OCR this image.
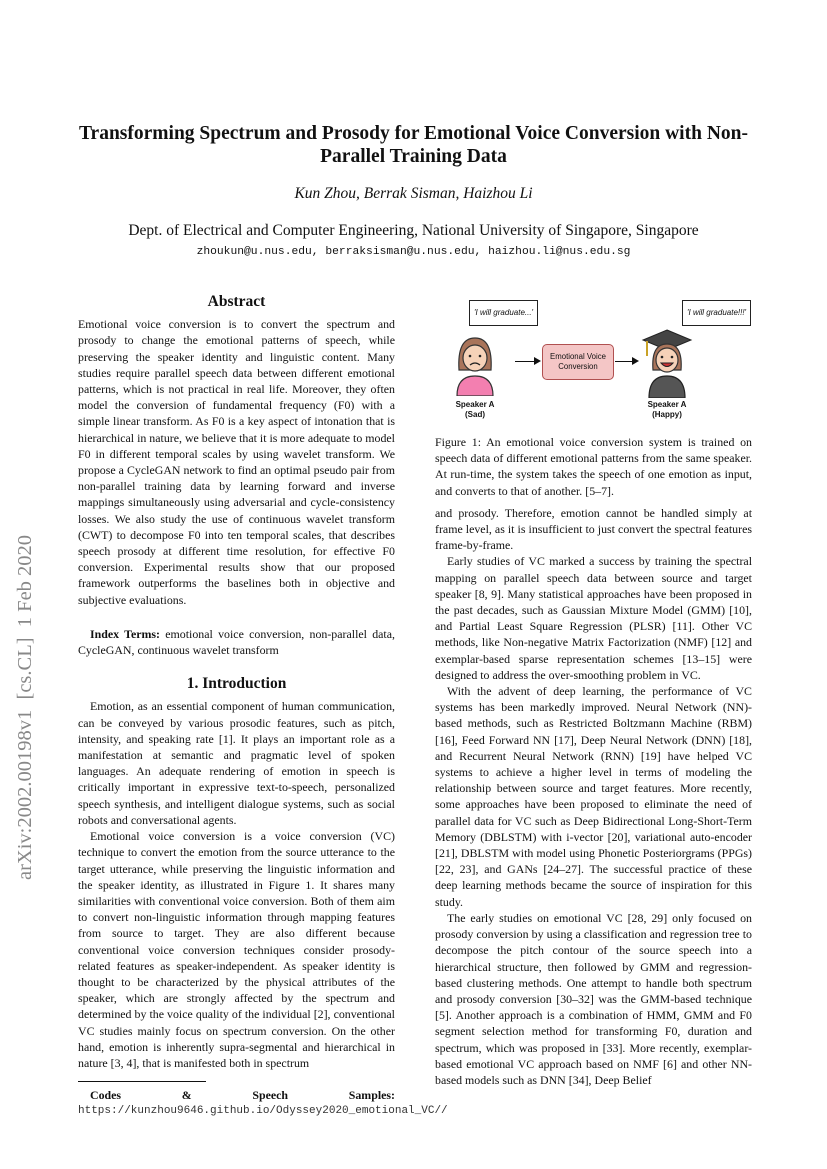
arXiv:2002.00198v1  [cs.CL]  1 Feb 2020
Transforming Spectrum and Prosody for Emotional Voice Conversion with Non-Parallel Training Data
Kun Zhou, Berrak Sisman, Haizhou Li
Dept. of Electrical and Computer Engineering, National University of Singapore, Singapore
zhoukun@u.nus.edu, berraksisman@u.nus.edu, haizhou.li@nus.edu.sg
Abstract

Emotional voice conversion is to convert the spectrum and prosody to change the emotional patterns of speech, while preserving the speaker identity and linguistic content. Many studies require parallel speech data between different emotional patterns, which is not practical in real life. Moreover, they often model the conversion of fundamental frequency (F0) with a simple linear transform. As F0 is a key aspect of intonation that is hierarchical in nature, we believe that it is more adequate to model F0 in different temporal scales by using wavelet transform. We propose a CycleGAN network to find an optimal pseudo pair from non-parallel training data by learning forward and inverse mappings simultaneously using adversarial and cycle-consistency losses. We also study the use of continuous wavelet transform (CWT) to decompose F0 into ten temporal scales, that describes speech prosody at different time resolution, for effective F0 conversion. Experimental results show that our proposed framework outperforms the baselines both in objective and subjective evaluations.

Index Terms: emotional voice conversion, non-parallel data, CycleGAN, continuous wavelet transform

1. Introduction

Emotion, as an essential component of human communication, can be conveyed by various prosodic features, such as pitch, intensity, and speaking rate [1]. It plays an important role as a manifestation at semantic and pragmatic level of spoken languages. An adequate rendering of emotion in speech is critically important in expressive text-to-speech, personalized speech synthesis, and intelligent dialogue systems, such as social robots and conversational agents.

Emotional voice conversion is a voice conversion (VC) technique to convert the emotion from the source utterance to the target utterance, while preserving the linguistic information and the speaker identity, as illustrated in Figure 1. It shares many similarities with conventional voice conversion. Both of them aim to convert non-linguistic information through mapping features from source to target. They are also different because conventional voice conversion techniques consider prosody-related features as speaker-independent. As speaker identity is thought to be characterized by the physical attributes of the speaker, which are strongly affected by the spectrum and determined by the voice quality of the individual [2], conventional VC studies mainly focus on spectrum conversion. On the other hand, emotion is inherently supra-segmental and hierarchical in nature [3, 4], that is manifested both in spectrum

Codes & Speech Samples: https://kunzhou9646.github.io/Odyssey2020_emotional_VC//

'I will graduate...'	'I will graduate!!!'
Emotional Voice Conversion
Speaker A
(Sad)
Speaker A
(Happy)

Figure 1: An emotional voice conversion system is trained on speech data of different emotional patterns from the same speaker. At run-time, the system takes the speech of one emotion as input, and converts to that of another. [5–7].

and prosody. Therefore, emotion cannot be handled simply at frame level, as it is insufficient to just convert the spectral features frame-by-frame.

Early studies of VC marked a success by training the spectral mapping on parallel speech data between source and target speaker [8, 9]. Many statistical approaches have been proposed in the past decades, such as Gaussian Mixture Model (GMM) [10], and Partial Least Square Regression (PLSR) [11]. Other VC methods, like Non-negative Matrix Factorization (NMF) [12] and exemplar-based sparse representation schemes [13–15] were designed to address the over-smoothing problem in VC.

With the advent of deep learning, the performance of VC systems has been markedly improved. Neural Network (NN)-based methods, such as Restricted Boltzmann Machine (RBM) [16], Feed Forward NN [17], Deep Neural Network (DNN) [18], and Recurrent Neural Network (RNN) [19] have helped VC systems to achieve a higher level in terms of modeling the relationship between source and target features. More recently, some approaches have been proposed to eliminate the need of parallel data for VC such as Deep Bidirectional Long-Short-Term Memory (DBLSTM) with i-vector [20], variational auto-encoder [21], DBLSTM with model using Phonetic Posteriorgrams (PPGs) [22, 23], and GANs [24–27]. The successful practice of these deep learning methods became the source of inspiration for this study.

The early studies on emotional VC [28, 29] only focused on prosody conversion by using a classification and regression tree to decompose the pitch contour of the source speech into a hierarchical structure, then followed by GMM and regression-based clustering methods. One attempt to handle both spectrum and prosody conversion [30–32] was the GMM-based technique [5]. Another approach is a combination of HMM, GMM and F0 segment selection method for transforming F0, duration and spectrum, which was proposed in [33]. More recently, exemplar-based emotional VC approach based on NMF [6] and other NN-based models such as DNN [34], Deep Belief
